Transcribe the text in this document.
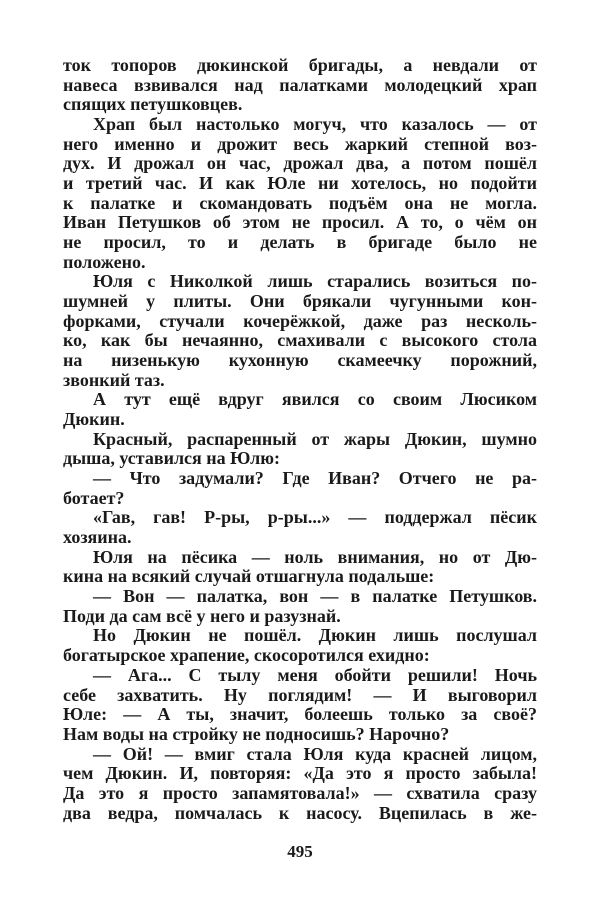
ток топоров дюкинской бригады, а невдали от
навеса взвивался над палатками молодецкий храп
спящих петушковцев.
Храп был настолько могуч, что казалось — от
него именно и дрожит весь жаркий степной воз-
дух. И дрожал он час, дрожал два, а потом пошёл
и третий час. И как Юле ни хотелось, но подойти
к палатке и скомандовать подъём она не могла.
Иван Петушков об этом не просил. А то, о чём он
не просил, то и делать в бригаде было не
положено.
Юля с Николкой лишь старались возиться по-
шумней у плиты. Они брякали чугунными кон-
форками, стучали кочерёжкой, даже раз несколь-
ко, как бы нечаянно, смахивали с высокого стола
на низенькую кухонную скамеечку порожний,
звонкий таз.
А тут ещё вдруг явился со своим Люсиком
Дюкин.
Красный, распаренный от жары Дюкин, шумно
дыша, уставился на Юлю:
— Что задумали? Где Иван? Отчего не ра-
ботает?
«Гав, гав! Р-ры, р-ры...» — поддержал пёсик
хозяина.
Юля на пёсика — ноль внимания, но от Дю-
кина на всякий случай отшагнула подальше:
— Вон — палатка, вон — в палатке Петушков.
Поди да сам всё у него и разузнай.
Но Дюкин не пошёл. Дюкин лишь послушал
богатырское храпение, скосоротился ехидно:
— Ага... С тылу меня обойти решили! Ночь
себе захватить. Ну поглядим! — И выговорил
Юле: — А ты, значит, болеешь только за своё?
Нам воды на стройку не подносишь? Нарочно?
— Ой! — вмиг стала Юля куда красней лицом,
чем Дюкин. И, повторяя: «Да это я просто забыла!
Да это я просто запамятовала!» — схватила сразу
два ведра, помчалась к насосу. Вцепилась в же-
495
